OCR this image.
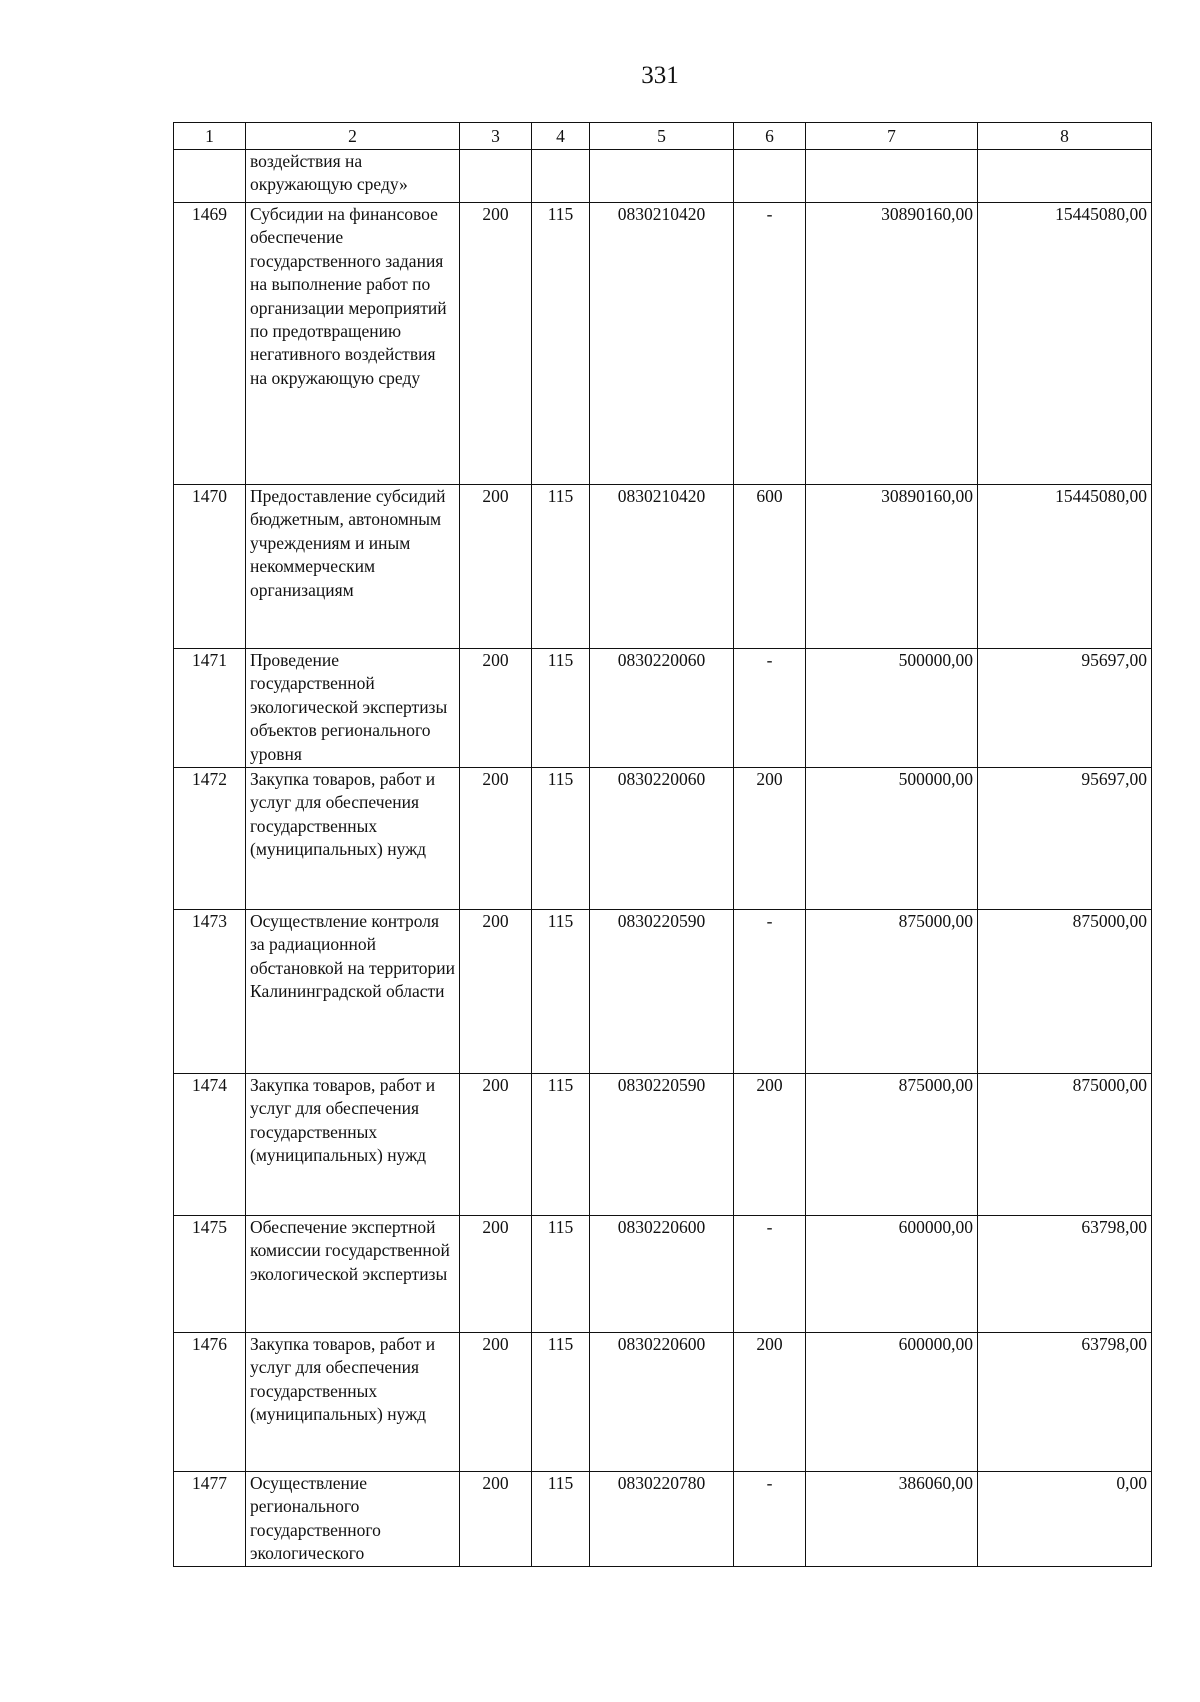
331
1	2	3	4	5	6	7	8
	воздействия на окружающую среду»						
1469	Субсидии на финансовое обеспечение государственного задания на выполнение работ по организации мероприятий по предотвращению негативного воздействия на окружающую среду	200	115	0830210420	-	30890160,00	15445080,00
1470	Предоставление субсидий бюджетным, автономным учреждениям и иным некоммерческим организациям	200	115	0830210420	600	30890160,00	15445080,00
1471	Проведение государственной экологической экспертизы объектов регионального уровня	200	115	0830220060	-	500000,00	95697,00
1472	Закупка товаров, работ и услуг для обеспечения государственных (муниципальных) нужд	200	115	0830220060	200	500000,00	95697,00
1473	Осуществление контроля за радиационной обстановкой на территории Калининградской области	200	115	0830220590	-	875000,00	875000,00
1474	Закупка товаров, работ и услуг для обеспечения государственных (муниципальных) нужд	200	115	0830220590	200	875000,00	875000,00
1475	Обеспечение экспертной комиссии государственной экологической экспертизы	200	115	0830220600	-	600000,00	63798,00
1476	Закупка товаров, работ и услуг для обеспечения государственных (муниципальных) нужд	200	115	0830220600	200	600000,00	63798,00
1477	Осуществление регионального государственного экологического	200	115	0830220780	-	386060,00	0,00
